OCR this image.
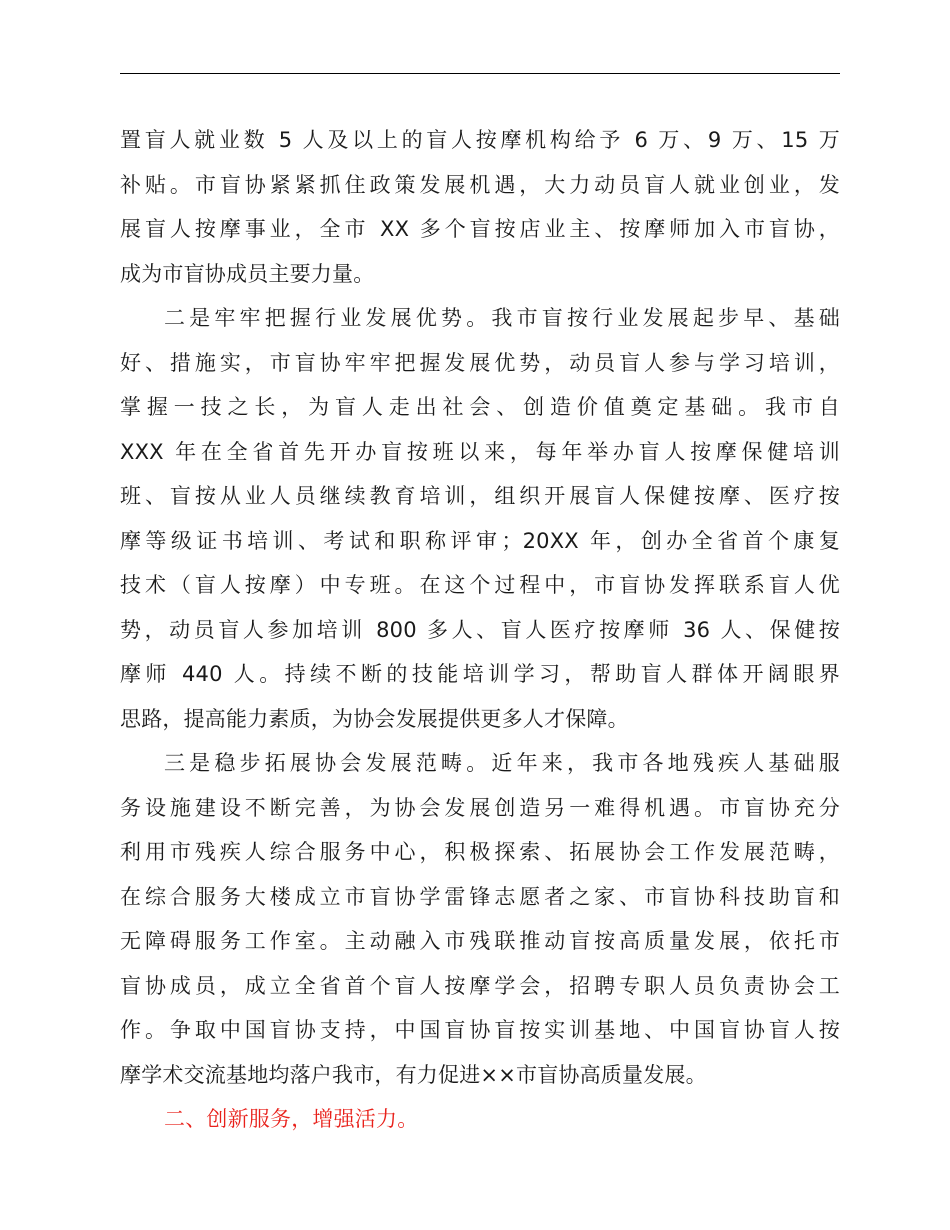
置盲人就业数 5 人及以上的盲人按摩机构给予 6 万、9 万、15 万
补贴。市盲协紧紧抓住政策发展机遇，大力动员盲人就业创业，发
展盲人按摩事业，全市 XX 多个盲按店业主、按摩师加入市盲协，
成为市盲协成员主要力量。
二是牢牢把握行业发展优势。我市盲按行业发展起步早、基础
好、措施实，市盲协牢牢把握发展优势，动员盲人参与学习培训，
掌握一技之长，为盲人走出社会、创造价值奠定基础。我市自
XXX 年在全省首先开办盲按班以来，每年举办盲人按摩保健培训
班、盲按从业人员继续教育培训，组织开展盲人保健按摩、医疗按
摩等级证书培训、考试和职称评审；20XX 年，创办全省首个康复
技术（盲人按摩）中专班。在这个过程中，市盲协发挥联系盲人优
势，动员盲人参加培训 800 多人、盲人医疗按摩师 36 人、保健按
摩师 440 人。持续不断的技能培训学习，帮助盲人群体开阔眼界
思路，提高能力素质，为协会发展提供更多人才保障。
三是稳步拓展协会发展范畴。近年来，我市各地残疾人基础服
务设施建设不断完善，为协会发展创造另一难得机遇。市盲协充分
利用市残疾人综合服务中心，积极探索、拓展协会工作发展范畴，
在综合服务大楼成立市盲协学雷锋志愿者之家、市盲协科技助盲和
无障碍服务工作室。主动融入市残联推动盲按高质量发展，依托市
盲协成员，成立全省首个盲人按摩学会，招聘专职人员负责协会工
作。争取中国盲协支持，中国盲协盲按实训基地、中国盲协盲人按
摩学术交流基地均落户我市，有力促进××市盲协高质量发展。
二、创新服务，增强活力。
